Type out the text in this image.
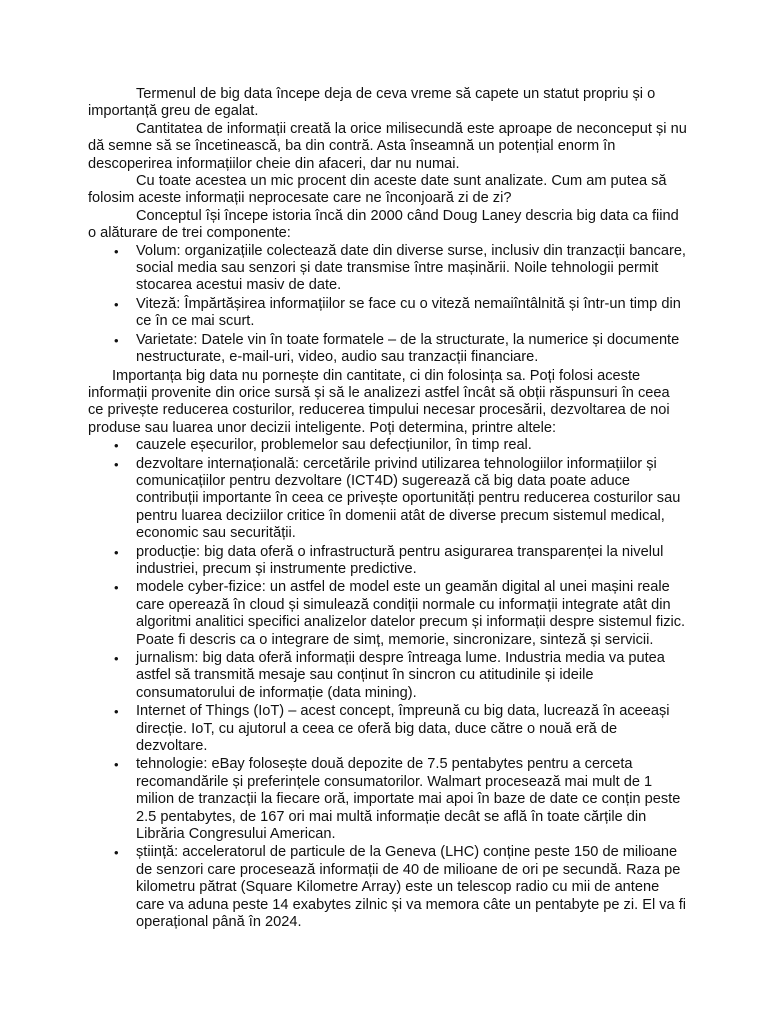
Termenul de big data începe deja de ceva vreme să capete un statut propriu și o importanță greu de egalat.

Cantitatea de informații creată la orice milisecundă este aproape de neconceput și nu dă semne să se încetinească, ba din contră. Asta înseamnă un potențial enorm în descoperirea informațiilor cheie din afaceri, dar nu numai.

Cu toate acestea un mic procent din aceste date sunt analizate. Cum am putea să folosim aceste informații neprocesate care ne înconjoară zi de zi?

Conceptul își începe istoria încă din 2000 când Doug Laney descria big data ca fiind o alăturare de trei componente:

• Volum: organizațiile colectează date din diverse surse, inclusiv din tranzacții bancare, social media sau senzori și date transmise între mașinării. Noile tehnologii permit stocarea acestui masiv de date.
• Viteză: Împărtășirea informațiilor se face cu o viteză nemaiîntâlnită și într-un timp din ce în ce mai scurt.
• Varietate: Datele vin în toate formatele – de la structurate, la numerice și documente nestructurate, e-mail-uri, video, audio sau tranzacții financiare.

Importanța big data nu pornește din cantitate, ci din folosința sa. Poți folosi aceste informații provenite din orice sursă și să le analizezi astfel încât să obții răspunsuri în ceea ce privește reducerea costurilor, reducerea timpului necesar procesării, dezvoltarea de noi produse sau luarea unor decizii inteligente. Poți determina, printre altele:

• cauzele eșecurilor, problemelor sau defecțiunilor, în timp real.
• dezvoltare internațională: cercetările privind utilizarea tehnologiilor informațiilor și comunicațiilor pentru dezvoltare (ICT4D) sugerează că big data poate aduce contribuții importante în ceea ce privește oportunități pentru reducerea costurilor sau pentru luarea deciziilor critice în domenii atât de diverse precum sistemul medical, economic sau securității.
• producție: big data oferă o infrastructură pentru asigurarea transparenței la nivelul industriei, precum și instrumente predictive.
• modele cyber-fizice: un astfel de model este un geamăn digital al unei mașini reale care operează în cloud și simulează condiții normale cu informații integrate atât din algoritmi analitici specifici analizelor datelor precum și informații despre sistemul fizic. Poate fi descris ca o integrare de simț, memorie, sincronizare, sinteză și servicii.
• jurnalism: big data oferă informații despre întreaga lume. Industria media va putea astfel să transmită mesaje sau conținut în sincron cu atitudinile și ideile consumatorului de informație (data mining).
• Internet of Things (IoT) – acest concept, împreună cu big data, lucrează în aceeași direcție. IoT, cu ajutorul a ceea ce oferă big data, duce către o nouă eră de dezvoltare.
• tehnologie: eBay folosește două depozite de 7.5 pentabytes pentru a cerceta recomandările și preferințele consumatorilor. Walmart procesează mai mult de 1 milion de tranzacții la fiecare oră, importate mai apoi în baze de date ce conțin peste 2.5 pentabytes, de 167 ori mai multă informație decât se află în toate cărțile din Librăria Congresului American.
• știință: acceleratorul de particule de la Geneva (LHC) conține peste 150 de milioane de senzori care procesează informații de 40 de milioane de ori pe secundă. Raza pe kilometru pătrat (Square Kilometre Array) este un telescop radio cu mii de antene care va aduna peste 14 exabytes zilnic și va memora câte un pentabyte pe zi. El va fi operațional până în 2024.
